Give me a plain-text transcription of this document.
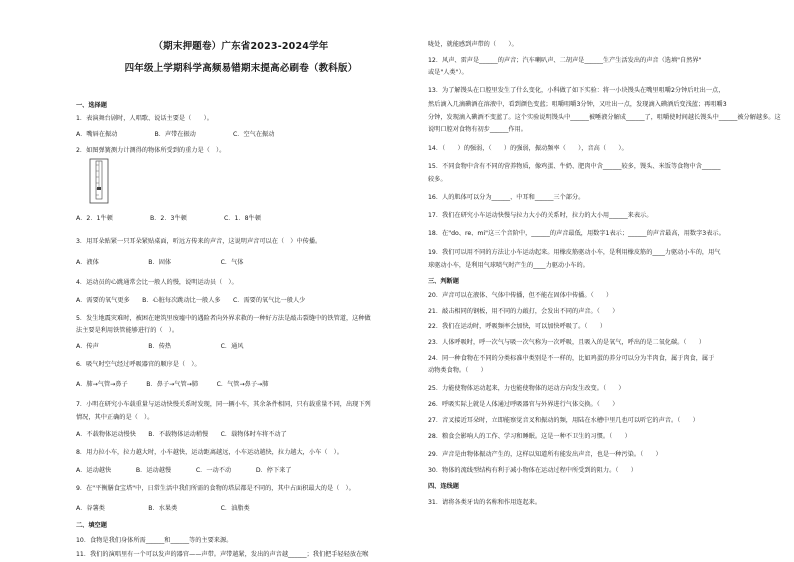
（期末押题卷）广东省2023-2024学年
四年级上学期科学高频易错期末提高必刷卷（教科版）
一、选择题
1．表演舞台剧时，人唱歌、说话主要是（　　）。
A．嘴唇在振动　　　　　　B．声带在振动　　　　　　C．空气在振动
2．如图弹簧测力计测得的物体所受到的重力是（　）。
A．2．1牛顿　　　　　　B．2．3牛顿　　　　　　C．1．8牛顿
3．用耳朵贴紧一只耳朵紧贴桌面，听远方传来的声音，这说明声音可以在（　）中传播。
A．液体　　　　　　　　B．固体　　　　　　　　C．气体
4．运动员的心跳通常会比一般人的慢，说明运动员（　）。
A．需要的氧气更多　　B．心脏每次跳动比一般人多　　C．需要的氧气比一般人少
5．发生地震灾难时，被困在建筑里废墟中的遇险者向外界求救的一种好方法是敲击裂缝中的铁管道，这种做
法主要是利用铁管能够进行的（　）。
A．传声　　　　　　　　B．传热　　　　　　　　C．通风
6．吸气时空气经过呼吸器官的顺序是（　）。
A．肺→气管→鼻子　　　B．鼻子→气管→肺　　　C．气管→鼻子→肺
7．小明在研究小车载重量与运动快慢关系时发现，同一辆小车，其余条件相同，只有载重量不同，出现下列
情况，其中正确的是（　）。
A．不载物体运动慢快　　B．不载物体运动稍慢　　C．载物体时车将不动了
8．用力拉小车，拉力越大时，小车越快，运动距离越远，小车运动越快，拉力越大，小车（　）。
A．运动越快　　　　B．运动越慢　　　　C．一动不动　　　　D．停下来了
9．在"平衡膳食宝塔"中，日常生活中我们所需的食物的塔层都是不同的，其中占面积最大的是（　）。
A．谷薯类　　　　　　　B．水果类　　　　　　　C．油脂类
二、填空题
10．食物是我们身体所需______和______等的主要来源。
11．我们的演唱里有一个可以发声的器官——声带。声带越紧，发出的声音越______；我们把手轻轻放在喉
咙处，就能感到声带的（　　）。
12．风声、雷声是______的声音；汽车喇叭声、二胡声是______生产生活发出的声音（选填"自然界"
或是"人类"）。
13．为了解馒头在口腔里发生了什么变化，小科做了如下实验：将一小块馒头在嘴里咀嚼2分钟后吐出一点，
然后滴入几滴碘酒在溶液中，看到颜色变蓝；咀嚼咀嚼3分钟，又吐出一点，发现滴入碘酒后变浅蓝；再咀嚼3
分钟，发现滴入碘酒不变蓝了。这个实验说明馒头中______被唾液分解成______了，咀嚼使时间越长馒头中______被分解越多。这
说明口腔对食物有初步______作用。
14．（　　）的强弱，（　　）的强弱，振动频率（　　），音高（　　）。
15．不同食物中含有不同的营养物质，像鸡蛋、牛奶、肥肉中含______较多，馒头、米饭等食物中含______
较多。
16．人的肌体可以分为______、中耳和______三个部分。
17．我们在研究小车运动快慢与拉力大小的关系时，拉力的大小用______来表示。
18．在"do、re、mi"这三个音阶中，______的声音最低，用数字1表示；______的声音最高，用数字3表示。
19．我们可以用不同的方法让小车运动起来。用橡皮筋驱动小车，是利用橡皮筋的____力驱动小车的，用气
球驱动小车，是利用气球喷气时产生的____力驱动小车的。
三、判断题
20．声音可以在液体、气体中传播，但不能在固体中传播。（　　）
21．敲击相同的钢板，用不同的力敲打，会发出不同的声音。（　　）
22．我们在运动时，呼吸频率会加快，可以加快呼吸了。（　　）
23．人体呼吸时，呼一次气与吸一次气称为一次呼吸，且吸入的是氧气，呼出的是二氧化碳。（　　）
24．同一种食物在不同的分类标准中类别是不一样的，比如鸡蛋的养分可以分为半肉食，属于肉食，属于
动物类食物。（　　）
25．力能使物体运动起来，力也能使物体的运动方向发生改变。（　　）
26．呼吸实际上就是人体通过呼吸器官与外界进行气体交换。（　　）
27．音叉接近耳朵时，立即能察觉音叉和振动的频，用陆在水槽中里几也可以听它的声音。（　　）
28．粮食会影响人的工作、学习和睡眠。这是一种不卫生的习惯。（　　）
29．声音是由物体振动产生的，这样以知道所有能发出声音，也是一种污染。（　　）
30．物体的流线型结构有利于减小物体在运动过程中所受到的阻力。（　　）
四、连线题
31．请将各类牙齿的名称和作用连起来。
